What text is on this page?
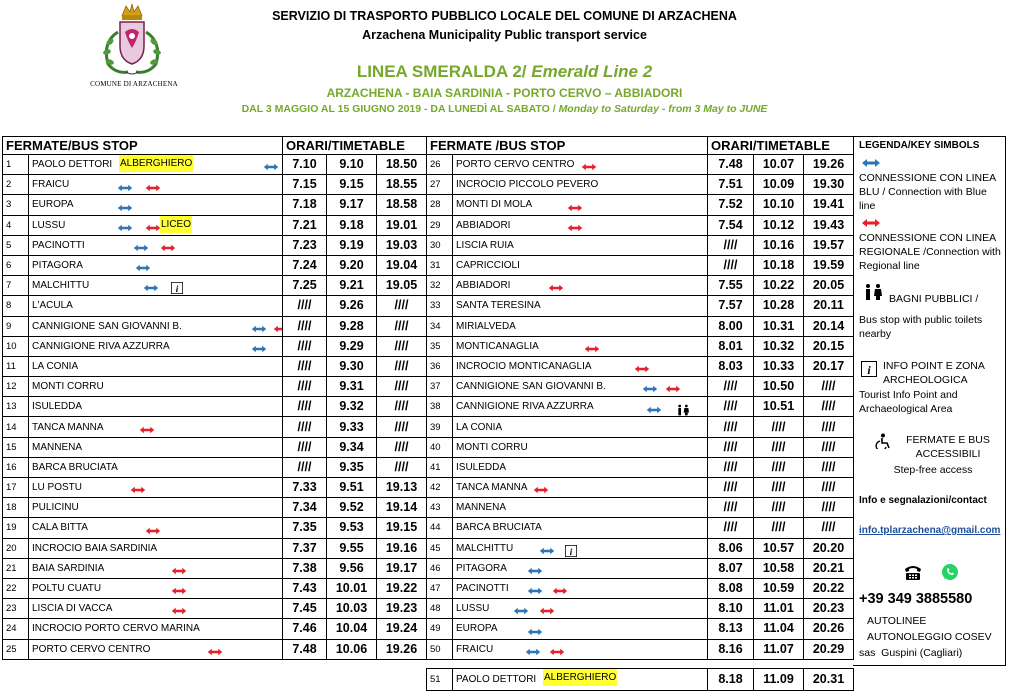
COMUNE DI ARZACHENA
SERVIZIO DI TRASPORTO PUBBLICO LOCALE DEL COMUNE DI ARZACHENA
Arzachena Municipality Public transport service
LINEA SMERALDA 2/ Emerald Line 2
ARZACHENA - BAIA SARDINIA - PORTO CERVO – ABBIADORI
DAL 3 MAGGIO AL 15 GIUGNO 2019 - DA LUNEDÌ AL SABATO / Monday to Saturday - from 3 May to JUNE
FERMATE/BUS STOP		ORARI/TIMETABLE			FERMATE /BUS STOP		ORARI/TIMETABLE		
1	PAOLO DETTORI ALBERGHIERO	7.10	9.10	18.50	26	PORTO CERVO CENTRO	7.48	10.07	19.26
2	FRAICU	7.15	9.15	18.55	27	INCROCIO PICCOLO PEVERO	7.51	10.09	19.30
3	EUROPA	7.18	9.17	18.58	28	MONTI DI MOLA	7.52	10.10	19.41
4	LUSSU LICEO	7.21	9.18	19.01	29	ABBIADORI	7.54	10.12	19.43
5	PACINOTTI	7.23	9.19	19.03	30	LISCIA RUIA	////	10.16	19.57
6	PITAGORA	7.24	9.20	19.04	31	CAPRICCIOLI	////	10.18	19.59
7	MALCHITTU i	7.25	9.21	19.05	32	ABBIADORI	7.55	10.22	20.05
8	L'ACULA	////	9.26	////	33	SANTA TERESINA	7.57	10.28	20.11
9	CANNIGIONE SAN GIOVANNI B.	////	9.28	////	34	MIRIALVEDA	8.00	10.31	20.14
10	CANNIGIONE RIVA AZZURRA	////	9.29	////	35	MONTICANAGLIA	8.01	10.32	20.15
11	LA CONIA	////	9.30	////	36	INCROCIO MONTICANAGLIA	8.03	10.33	20.17
12	MONTI CORRU	////	9.31	////	37	CANNIGIONE SAN GIOVANNI B.	////	10.50	////
13	ISULEDDA	////	9.32	////	38	CANNIGIONE RIVA AZZURRA	////	10.51	////
14	TANCA MANNA	////	9.33	////	39	LA CONIA	////	////	////
15	MANNENA	////	9.34	////	40	MONTI CORRU	////	////	////
16	BARCA BRUCIATA	////	9.35	////	41	ISULEDDA	////	////	////
17	LU POSTU	7.33	9.51	19.13	42	TANCA MANNA	////	////	////
18	PULICINU	7.34	9.52	19.14	43	MANNENA	////	////	////
19	CALA BITTA	7.35	9.53	19.15	44	BARCA BRUCIATA	////	////	////
20	INCROCIO BAIA SARDINIA	7.37	9.55	19.16	45	MALCHITTU i	8.06	10.57	20.20
21	BAIA SARDINIA	7.38	9.56	19.17	46	PITAGORA	8.07	10.58	20.21
22	POLTU CUATU	7.43	10.01	19.22	47	PACINOTTI	8.08	10.59	20.22
23	LISCIA DI VACCA	7.45	10.03	19.23	48	LUSSU	8.10	11.01	20.23
24	INCROCIO PORTO CERVO MARINA	7.46	10.04	19.24	49	EUROPA	8.13	11.04	20.26
25	PORTO CERVO CENTRO	7.48	10.06	19.26	50	FRAICU	8.16	11.07	20.29

					51	PAOLO DETTORI ALBERGHIERO	8.18	11.09	20.31
LEGENDA/KEY SIMBOLS
CONNESSIONE CON LINEA BLU / Connection with Blue line
CONNESSIONE CON LINEA REGIONALE /Connection with Regional line
BAGNI PUBBLICI /
Bus stop with public toilets nearby
i INFO POINT E ZONA ARCHEOLOGICA
Tourist Info Point and Archaeological Area
FERMATE E BUS ACCESSIBILI
Step-free access
Info e segnalazioni/contact
info.tplarzachena@gmail.com
+39 349 3885580
AUTOLINEE
AUTONOLEGGIO COSEV
sas  Guspini (Cagliari)
